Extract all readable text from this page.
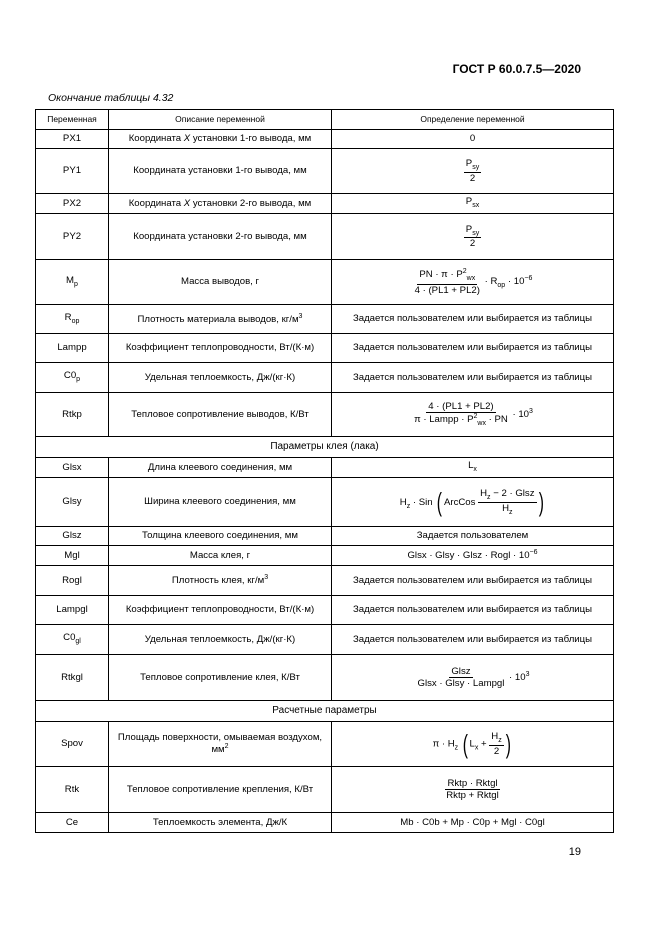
ГОСТ Р 60.0.7.5—2020
Окончание таблицы 4.32
Переменная	Описание переменной	Определение переменной
PX1	Координата X установки 1-го вывода, мм	0
PY1	Координата установки 1-го вывода, мм	$\frac{P_{sy}}{2}$

PX2	Координата X установки 2-го вывода, мм	$P_{sx}$
PY2	Координата установки 2-го вывода, мм	$\frac{P_{sy}}{2}$

$M_p$	Масса выводов, г	$\frac{PN \cdot \pi \cdot P^2_{wx}}{4 \cdot (PL1 + PL2)} \cdot R_{op} \cdot 10^{-6}$
$R_{op}$	Плотность материала выводов, $кг/м^3$	Задается пользователем или выбирается из таблицы
Lampp	Коэффициент теплопроводности, Вт/(К·м)	Задается пользователем или выбирается из таблицы
$C0_p$	Удельная теплоемкость, Дж/(кг·К)	Задается пользователем или выбирается из таблицы
Rtkp	Тепловое сопротивление выводов, К/Вт	$\frac{4 \cdot (PL1 + PL2)}{\pi \cdot Lampp \cdot P^2_{wx} \cdot PN} \cdot 10^3$
Параметры клея (лака)		
Glsx	Длина клеевого соединения, мм	$L_x$
Glsy	Ширина клеевого соединения, мм	$H_z$ · Sin ( ArcCos $\frac{H_z - 2 \cdot Glsz}{H_z}$ )
Glsz	Толщина клеевого соединения, мм	Задается пользователем
Mgl	Масса клея, г	Glsx · Glsy · Glsz · Rogl · $10^{-6}$
Rogl	Плотность клея, $кг/м^3$	Задается пользователем или выбирается из таблицы
Lampgl	Коэффициент теплопроводности, Вт/(К·м)	Задается пользователем или выбирается из таблицы
$C0_{gl}$	Удельная теплоемкость, Дж/(кг·К)	Задается пользователем или выбирается из таблицы
Rtkgl	Тепловое сопротивление клея, К/Вт	$\frac{\text{Glsz}}{\text{Glsx · Glsy · Lampgl}} \cdot 10^3$
Расчетные параметры		
Spov	Площадь поверхности, омываемая воздухом, $мм^2$	$\pi \cdot H_z$ ( $L_x + \frac{H_z}{2}$ )
Rtk	Тепловое сопротивление крепления, К/Вт	$\frac{\text{Rktp · Rktgl}}{\text{Rktp + Rktgl}}$

Ce	Теплоемкость элемента, Дж/К	Mb · C0b + Mp · C0p + Mgl · C0gl
19
